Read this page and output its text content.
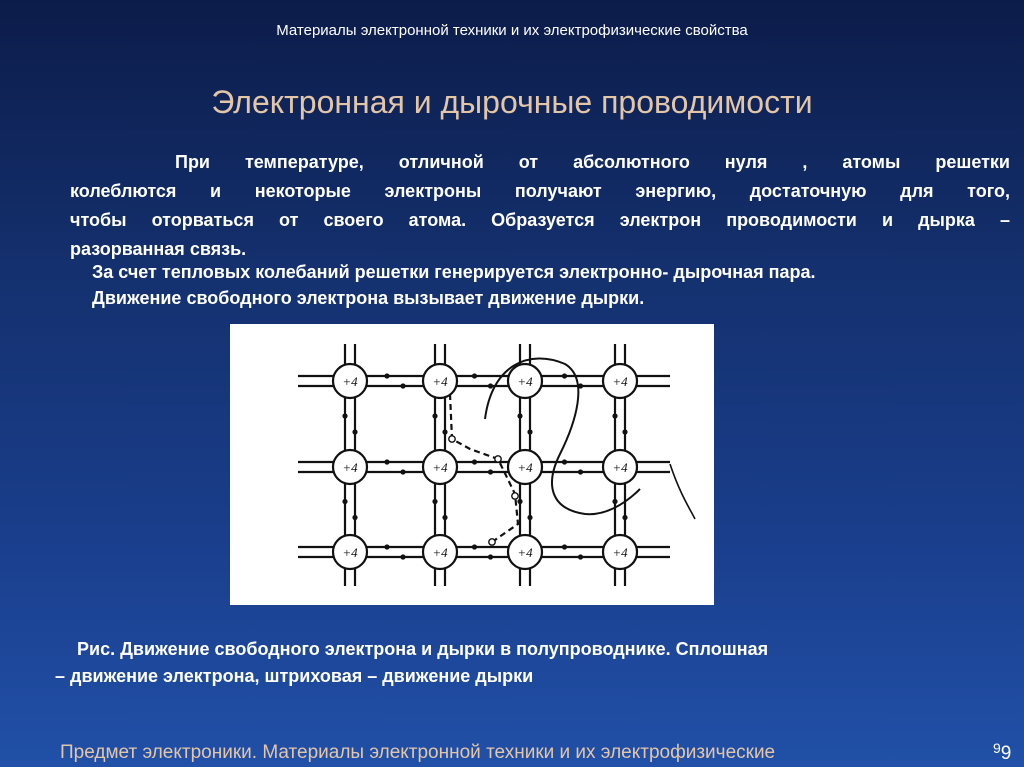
Материалы электронной техники и их электрофизические свойства
Электронная и дырочные проводимости
При температуре, отличной от абсолютного нуля , атомы решетки
колеблются и некоторые электроны получают энергию, достаточную для того,
чтобы оторваться от своего атома. Образуется электрон проводимости и дырка –
разорванная связь.
За счет тепловых колебаний решетки генерируется электронно- дырочная пара.
Движение свободного электрона вызывает движение дырки.
+4	+4	+4	+4
+4	+4	+4	+4
+4	+4	+4	+4
Рис. Движение свободного электрона и дырки в полупроводнике. Сплошная
– движение электрона, штриховая – движение дырки
Предмет электроники. Материалы электронной техники и их электрофизические	$^9$9
